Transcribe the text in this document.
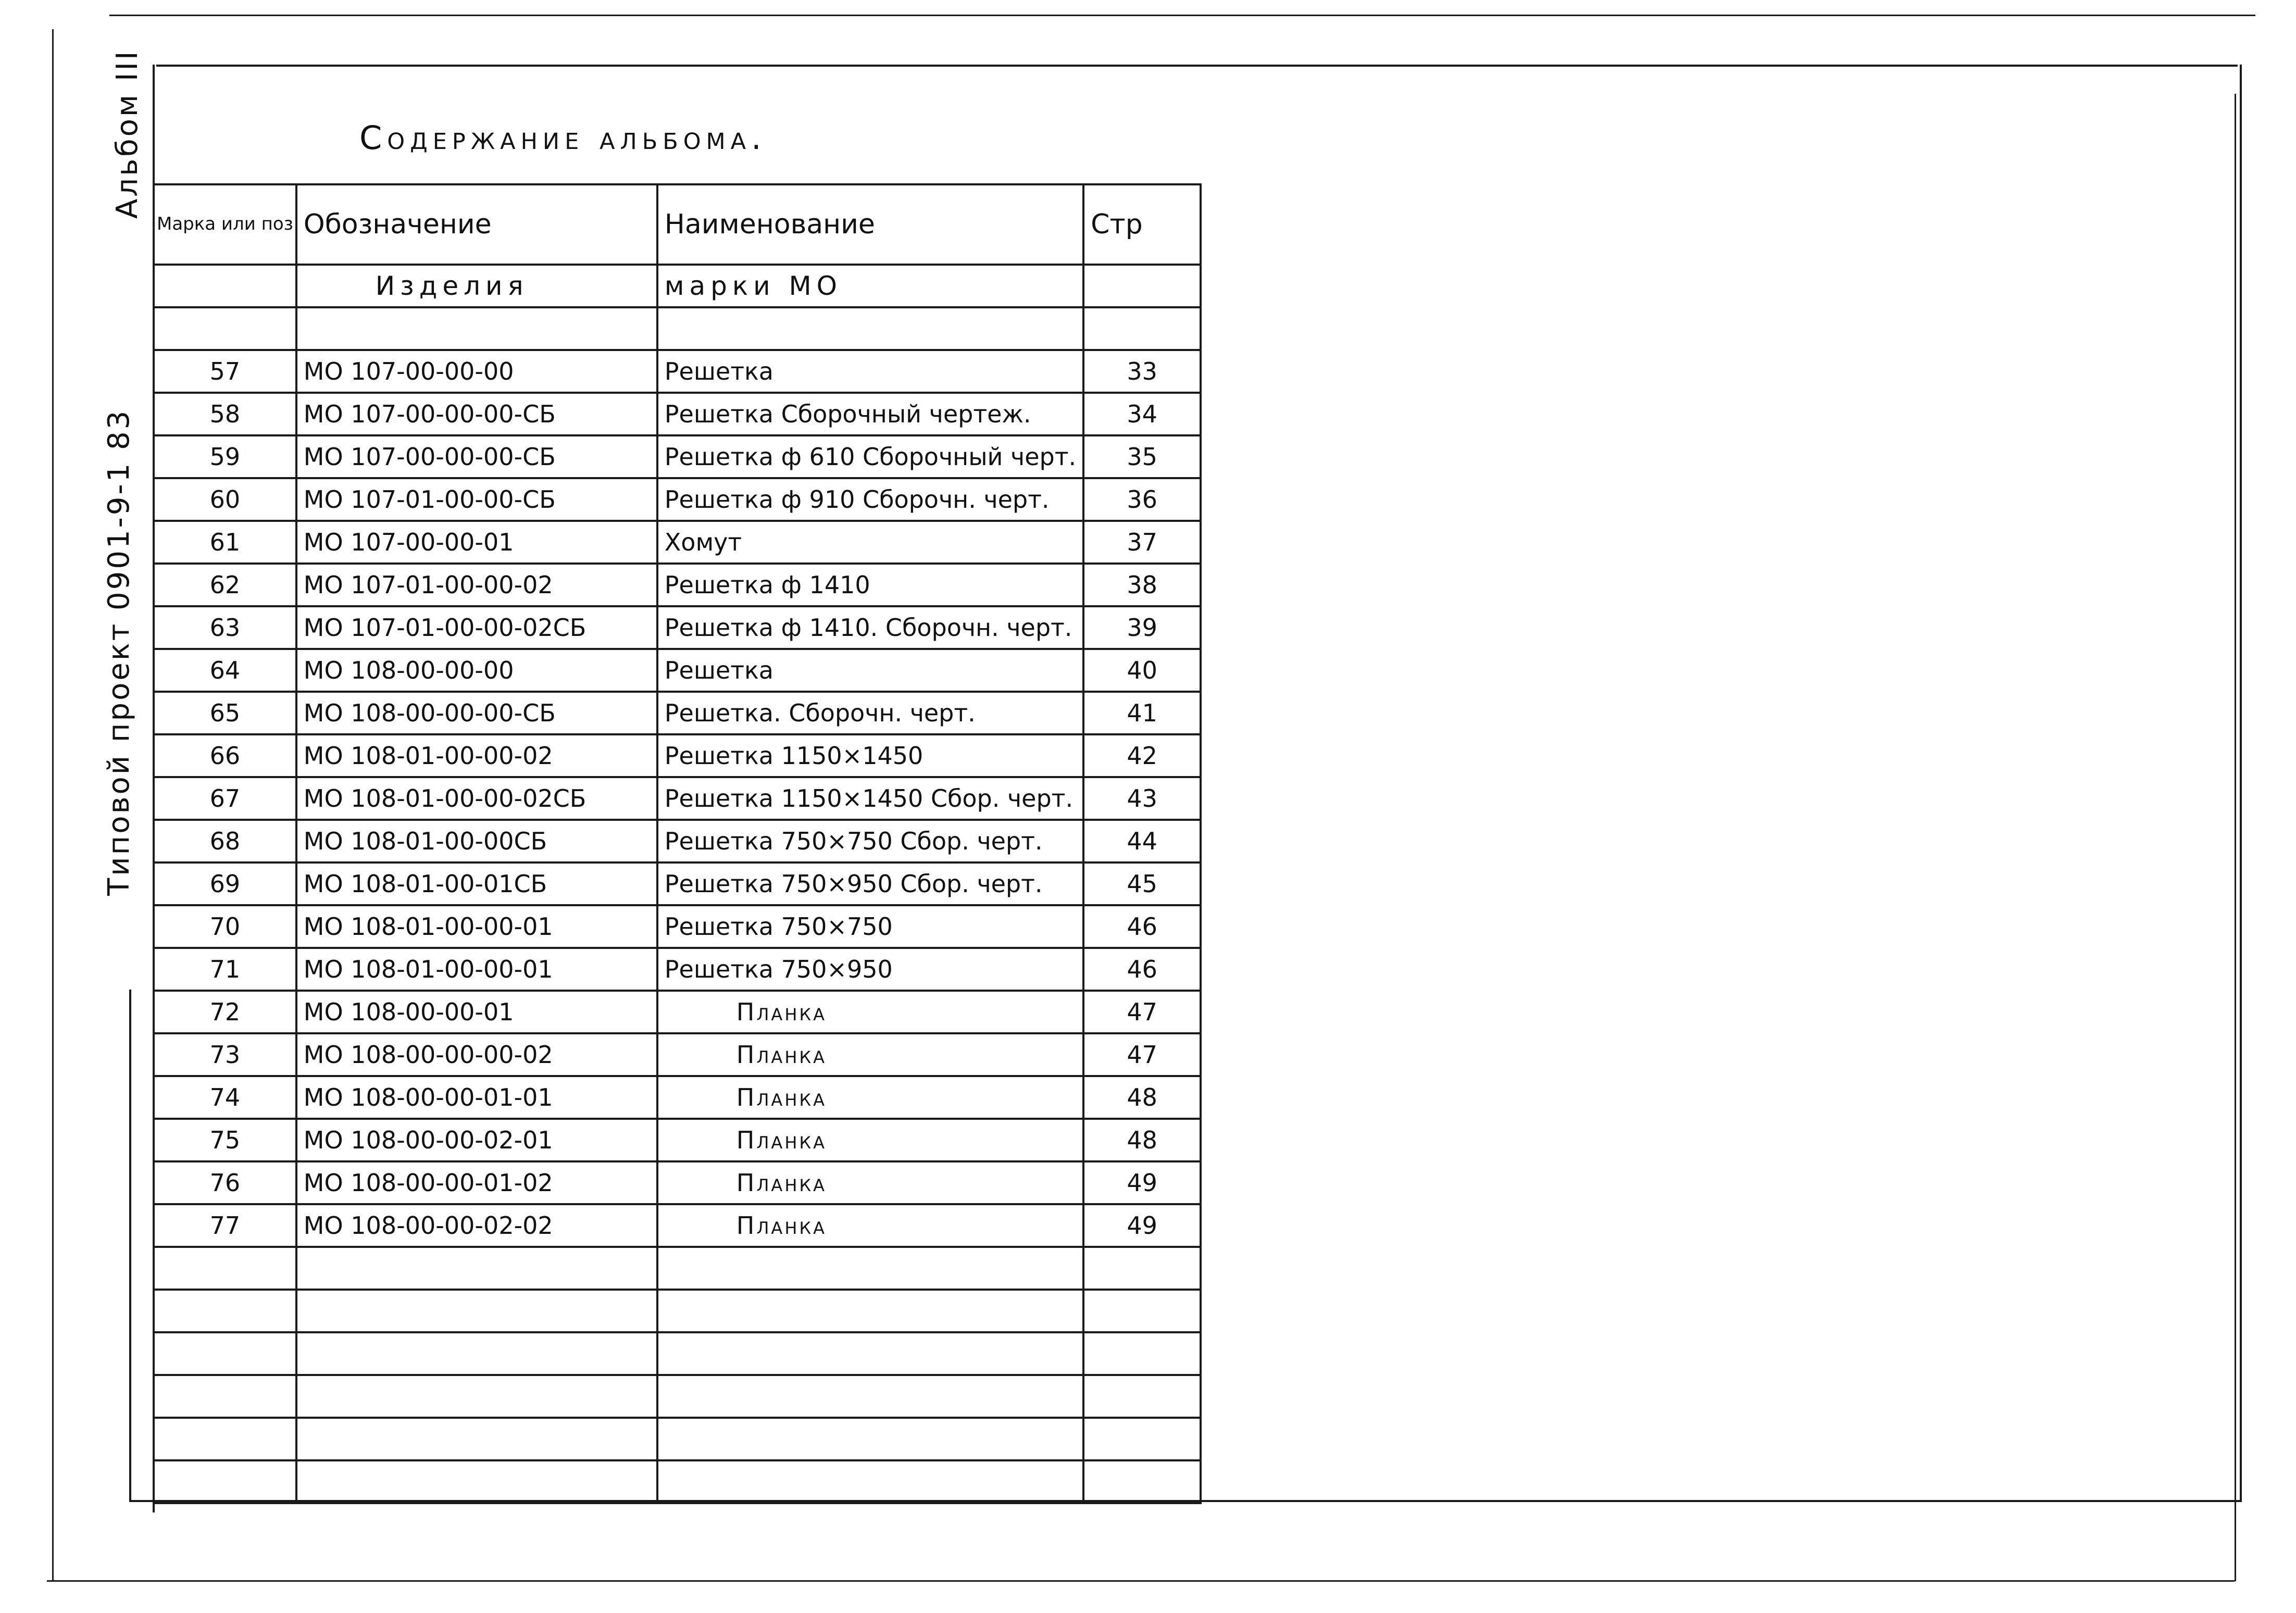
Альбом III
Типовой проект 0901-9-1 83
Содержание альбома.
Марка или поз	Обозначение	Наименование	Стр
	Изделия	марки МО	

57	МО 107-00-00-00	Решетка	33
58	МО 107-00-00-00-СБ	Решетка Сборочный чертеж.	34
59	МО 107-00-00-00-СБ	Решетка ф 610 Сборочный черт.	35
60	МО 107-01-00-00-СБ	Решетка ф 910 Сборочн. черт.	36
61	МО 107-00-00-01	Хомут	37
62	МО 107-01-00-00-02	Решетка ф 1410	38
63	МО 107-01-00-00-02СБ	Решетка ф 1410. Сборочн. черт.	39
64	МО 108-00-00-00	Решетка	40
65	МО 108-00-00-00-СБ	Решетка. Сборочн. черт.	41
66	МО 108-01-00-00-02	Решетка 1150×1450	42
67	МО 108-01-00-00-02СБ	Решетка 1150×1450 Сбор. черт.	43
68	МО 108-01-00-00СБ	Решетка 750×750 Сбор. черт.	44
69	МО 108-01-00-01СБ	Решетка 750×950 Сбор. черт.	45
70	МО 108-01-00-00-01	Решетка 750×750	46
71	МО 108-01-00-00-01	Решетка 750×950	46
72	МО 108-00-00-01	Планка	47
73	МО 108-00-00-00-02	Планка	47
74	МО 108-00-00-01-01	Планка	48
75	МО 108-00-00-02-01	Планка	48
76	МО 108-00-00-01-02	Планка	49
77	МО 108-00-00-02-02	Планка	49
